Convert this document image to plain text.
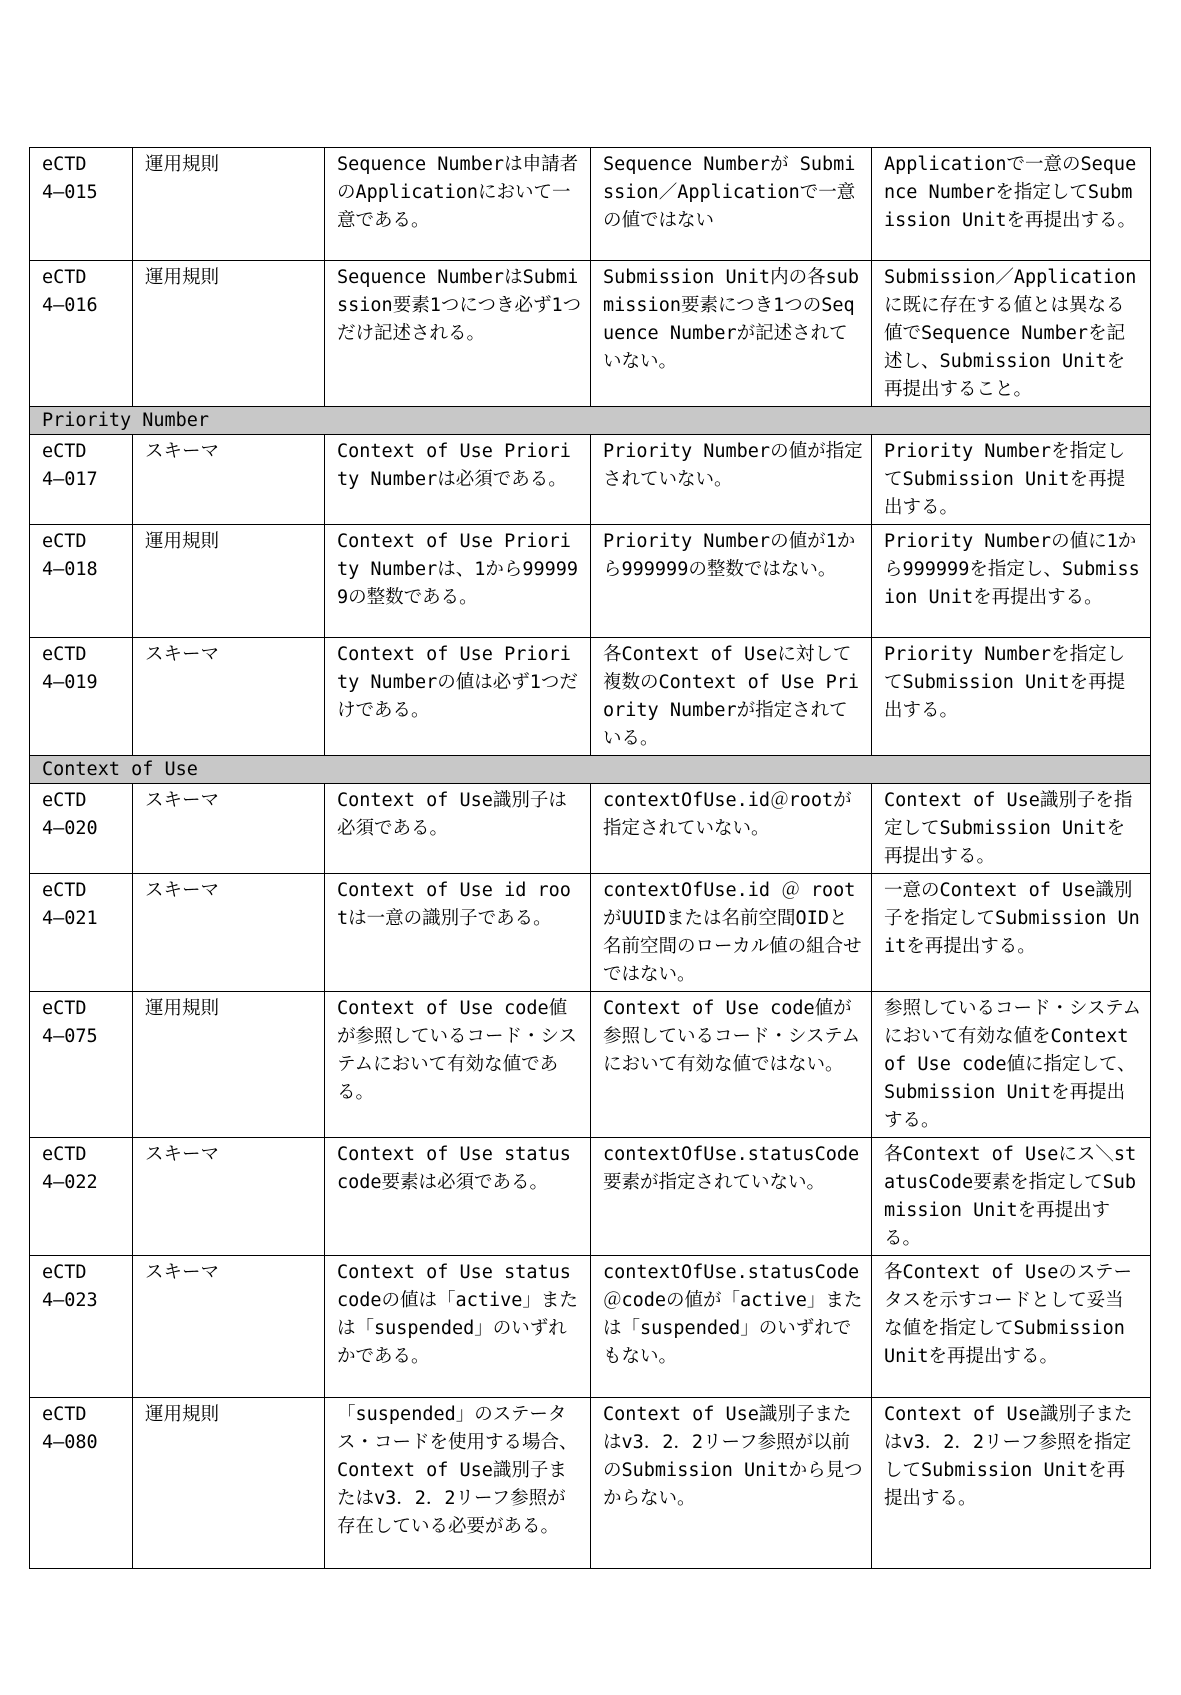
eCTD
4―015	運用規則	Sequence Numberは申請者のApplicationにおいて一意である。	Sequence Numberが Submission／Applicationで一意の値ではない	Applicationで一意のSequence Numberを指定してSubmission Unitを再提出する。

eCTD
4―016	運用規則	Sequence NumberはSubmission要素1つにつき必ず1つだけ記述される。	Submission Unit内の各submission要素につき1つのSequence Numberが記述されていない。	Submission／Applicationに既に存在する値とは異なる値でSequence Numberを記述し、Submission Unitを再提出すること。
Priority Number				

eCTD
4―017	スキーマ	Context of Use Priority Numberは必須である。	Priority Numberの値が指定されていない。	Priority Numberを指定してSubmission Unitを再提出する。

eCTD
4―018	運用規則	Context of Use Priority Numberは、1から999999の整数である。	Priority Numberの値が1から999999の整数ではない。	Priority Numberの値に1から999999を指定し、Submission Unitを再提出する。

eCTD
4―019	スキーマ	Context of Use Priority Numberの値は必ず1つだけである。	各Context of Useに対して複数のContext of Use Priority Numberが指定されている。	Priority Numberを指定してSubmission Unitを再提出する。
Context of Use				

eCTD
4―020	スキーマ	Context of Use識別子は必須である。	contextOfUse.id＠rootが指定されていない。	Context of Use識別子を指定してSubmission Unitを再提出する。

eCTD
4―021	スキーマ	Context of Use id rootは一意の識別子である。	contextOfUse.id ＠ rootがUUIDまたは名前空間OIDと名前空間のローカル値の組合せではない。	一意のContext of Use識別子を指定してSubmission Unitを再提出する。

eCTD
4―075	運用規則	Context of Use code値が参照しているコード・システムにおいて有効な値である。	Context of Use code値が参照しているコード・システムにおいて有効な値ではない。	参照しているコード・システムにおいて有効な値をContext of Use code値に指定して、Submission Unitを再提出する。

eCTD
4―022	スキーマ	Context of Use status code要素は必須である。	contextOfUse.statusCode要素が指定されていない。	各Context of Useにス＼statusCode要素を指定してSubmission Unitを再提出する。

eCTD
4―023	スキーマ	Context of Use status codeの値は「active」または「suspended」のいずれかである。	contextOfUse.statusCode＠codeの値が「active」または「suspended」のいずれでもない。	各Context of Useのステータスを示すコードとして妥当な値を指定してSubmission Unitを再提出する。

eCTD
4―080	運用規則	「suspended」のステータス・コードを使用する場合、Context of Use識別子またはv3．2．2リーフ参照が存在している必要がある。	Context of Use識別子またはv3．2．2リーフ参照が以前のSubmission Unitから見つからない。	Context of Use識別子またはv3．2．2リーフ参照を指定してSubmission Unitを再提出する。
